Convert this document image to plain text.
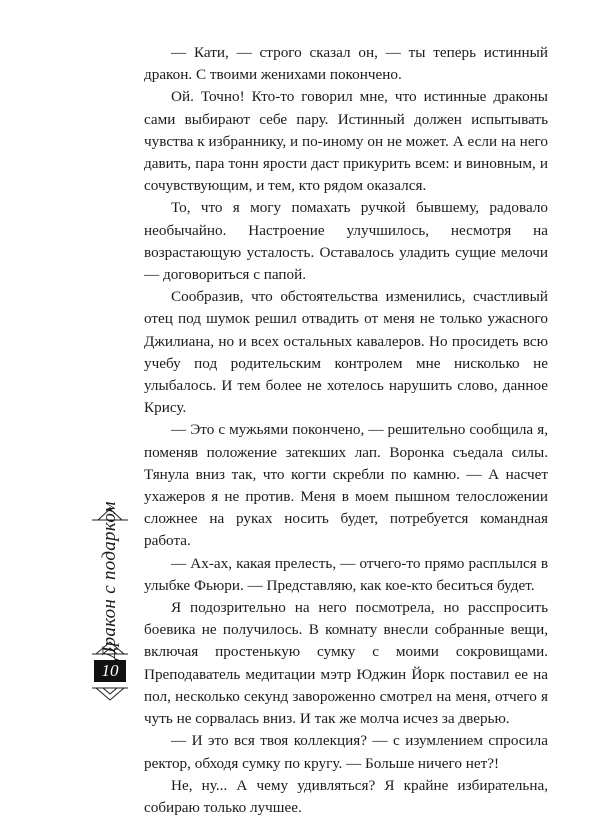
— Кати, — строго сказал он, — ты теперь истинный дракон. С твоими женихами покончено.

Ой. Точно! Кто-то говорил мне, что истинные драконы сами выбирают себе пару. Истинный должен испытывать чувства к избраннику, и по-иному он не может. А если на него давить, пара тонн ярости даст прикурить всем: и виновным, и сочувствующим, и тем, кто рядом оказался.

То, что я могу помахать ручкой бывшему, радовало необычайно. Настроение улучшилось, несмотря на возрастающую усталость. Оставалось уладить сущие мелочи — договориться с папой.

Сообразив, что обстоятельства изменились, счастливый отец под шумок решил отвадить от меня не только ужасного Джилиана, но и всех остальных кавалеров. Но просидеть всю учебу под родительским контролем мне нисколько не улыбалось. И тем более не хотелось нарушить слово, данное Крису.

— Это с мужьями покончено, — решительно сообщила я, поменяв положение затекших лап. Воронка съедала силы. Тянула вниз так, что когти скребли по камню. — А насчет ухажеров я не против. Меня в моем пышном телосложении сложнее на руках носить будет, потребуется командная работа.

— Ах-ах, какая прелесть, — отчего-то прямо расплылся в улыбке Фьюри. — Представляю, как кое-кто беситься будет.

Я подозрительно на него посмотрела, но расспросить боевика не получилось. В комнату внесли собранные вещи, включая простенькую сумку с моими сокровищами. Преподаватель медитации мэтр Юджин Йорк поставил ее на пол, несколько секунд завороженно смотрел на меня, отчего я чуть не сорвалась вниз. И так же молча исчез за дверью.

— И это вся твоя коллекция? — с изумлением спросила ректор, обходя сумку по кругу. — Больше ничего нет?!

Не, ну... А чему удивляться? Я крайне избирательна, собираю только лучшее.

Дракон с подарком
10
